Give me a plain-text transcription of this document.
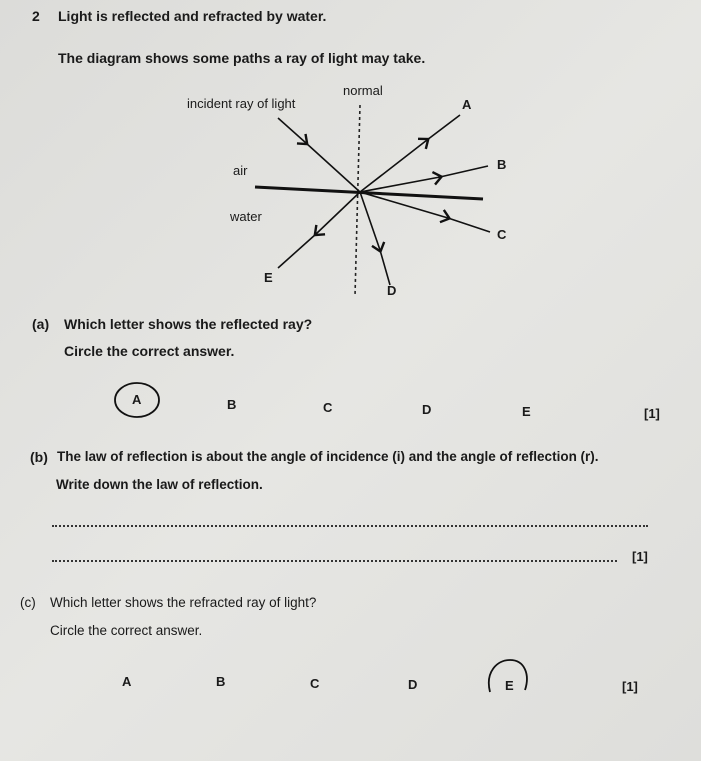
2 Light is reflected and refracted by water.
The diagram shows some paths a ray of light may take.
normal
incident ray of light
air
water
A
B
C
D
E
(a) Which letter shows the reflected ray?
Circle the correct answer.
A	B	C	D	E	[1]
(b) The law of reflection is about the angle of incidence (i) and the angle of reflection (r).
Write down the law of reflection.
[1]
(c) Which letter shows the refracted ray of light?
Circle the correct answer.
A	B	C	D	E	[1]
